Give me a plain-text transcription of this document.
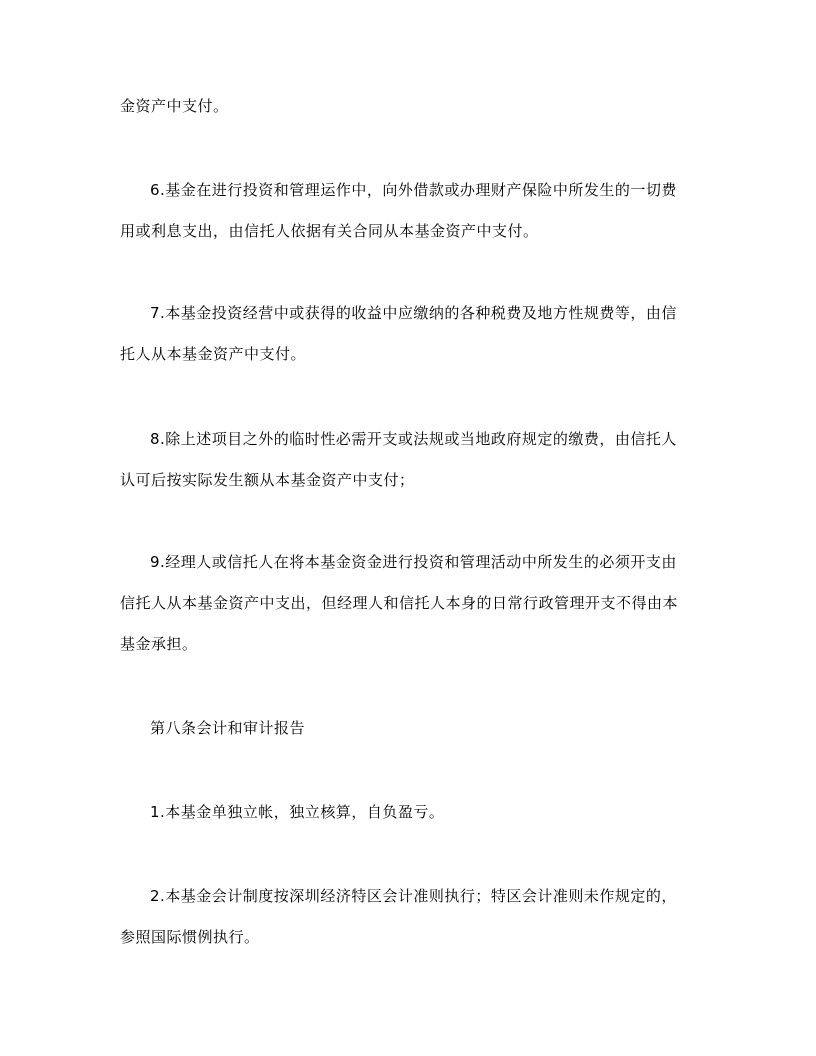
金资产中支付。

6.基金在进行投资和管理运作中，向外借款或办理财产保险中所发生的一切费

用或利息支出，由信托人依据有关合同从本基金资产中支付。

7.本基金投资经营中或获得的收益中应缴纳的各种税费及地方性规费等，由信

托人从本基金资产中支付。

8.除上述项目之外的临时性必需开支或法规或当地政府规定的缴费，由信托人

认可后按实际发生额从本基金资产中支付；

9.经理人或信托人在将本基金资金进行投资和管理活动中所发生的必须开支由

信托人从本基金资产中支出，但经理人和信托人本身的日常行政管理开支不得由本

基金承担。

第八条会计和审计报告

1.本基金单独立帐，独立核算，自负盈亏。

2.本基金会计制度按深圳经济特区会计准则执行；特区会计准则未作规定的，

参照国际惯例执行。
